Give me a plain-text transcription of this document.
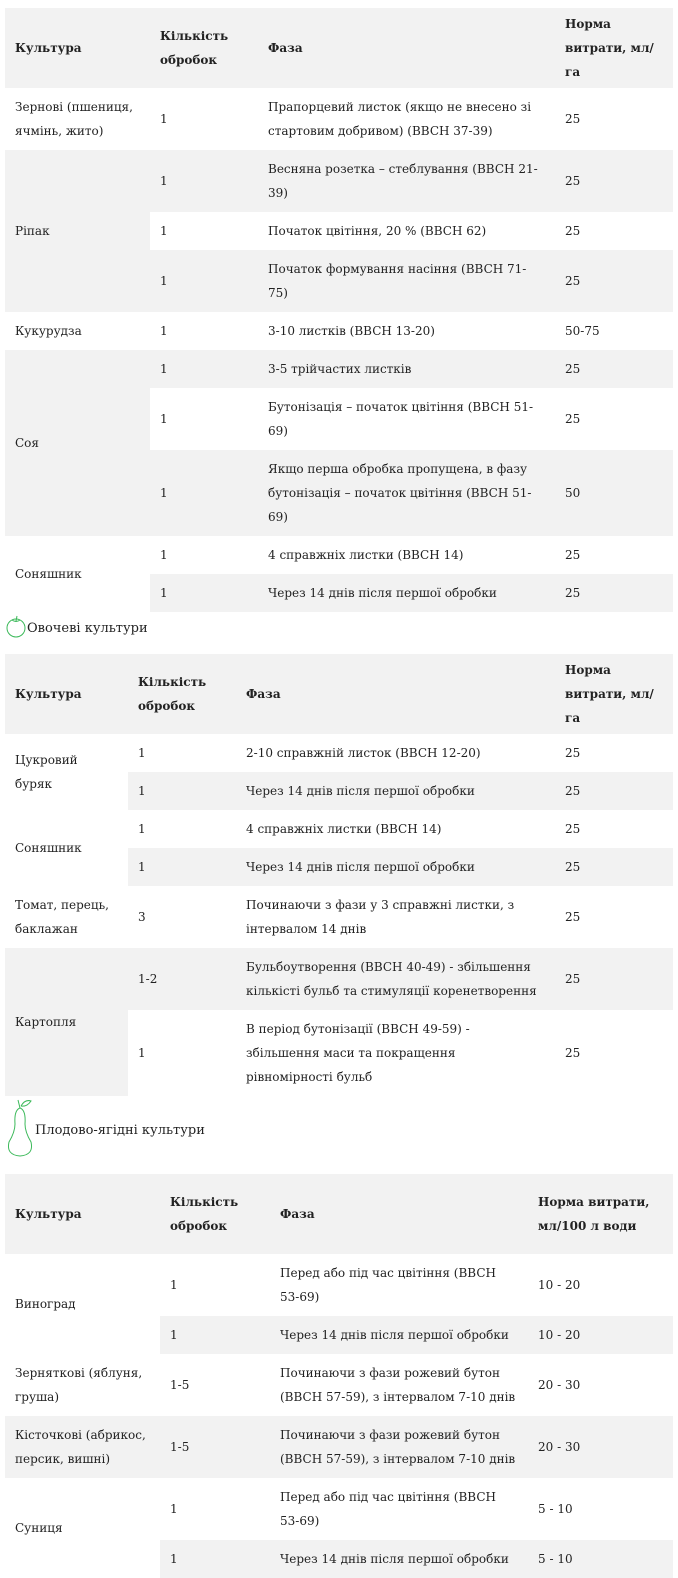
Культура	Кількість обробок	Фаза	Норма витрати, мл/га
Зернові (пшениця, ячмінь, жито)	1	Прапорцевий листок (якщо не внесено зі стартовим добривом) (BBCH 37-39)	25
Ріпак	1	Весняна розетка – стеблування (BBCH 21-39)	25
	1	Початок цвітіння, 20 % (BBCH 62)	25
	1	Початок формування насіння (BBCH 71-75)	25
Кукурудза	1	3-10 листків (BBCH 13-20)	50-75
Соя	1	3-5 трійчастих листків	25
	1	Бутонізація – початок цвітіння (BBCH 51-69)	25
	1	Якщо перша обробка пропущена, в фазу бутонізація – початок цвітіння (BBCH 51-69)	50
Соняшник	1	4 справжніх листки (BBCH 14)	25
	1	Через 14 днів після першої обробки	25
Овочеві культури
Культура	Кількість обробок	Фаза	Норма витрати, мл/га
Цукровий буряк	1	2-10 справжній листок (BBCH 12-20)	25
	1	Через 14 днів після першої обробки	25
Соняшник	1	4 справжніх листки (BBCH 14)	25
	1	Через 14 днів після першої обробки	25
Томат, перець, баклажан	3	Починаючи з фази у 3 справжні листки, з інтервалом 14 днів	25
Картопля	1-2	Бульбоутворення (BBCH 40-49) - збільшення кількісті бульб та стимуляції коренетворення	25
	1	В період бутонізації (BBCH 49-59) - збільшення маси та покращення рівномірності бульб	25
Плодово-ягідні культури
Культура	Кількість обробок	Фаза	Норма витрати, мл/100 л води
Виноград	1	Перед або під час цвітіння (BBCH 53-69)	10 - 20
	1	Через 14 днів після першої обробки	10 - 20
Зерняткові (яблуня, груша)	1-5	Починаючи з фази рожевий бутон (BBCH 57-59), з інтервалом 7-10 днів	20 - 30
Кісточкові (абрикос, персик, вишні)	1-5	Починаючи з фази рожевий бутон (BBCH 57-59), з інтервалом 7-10 днів	20 - 30
Суниця	1	Перед або під час цвітіння (BBCH 53-69)	5 - 10
	1	Через 14 днів після першої обробки	5 - 10
